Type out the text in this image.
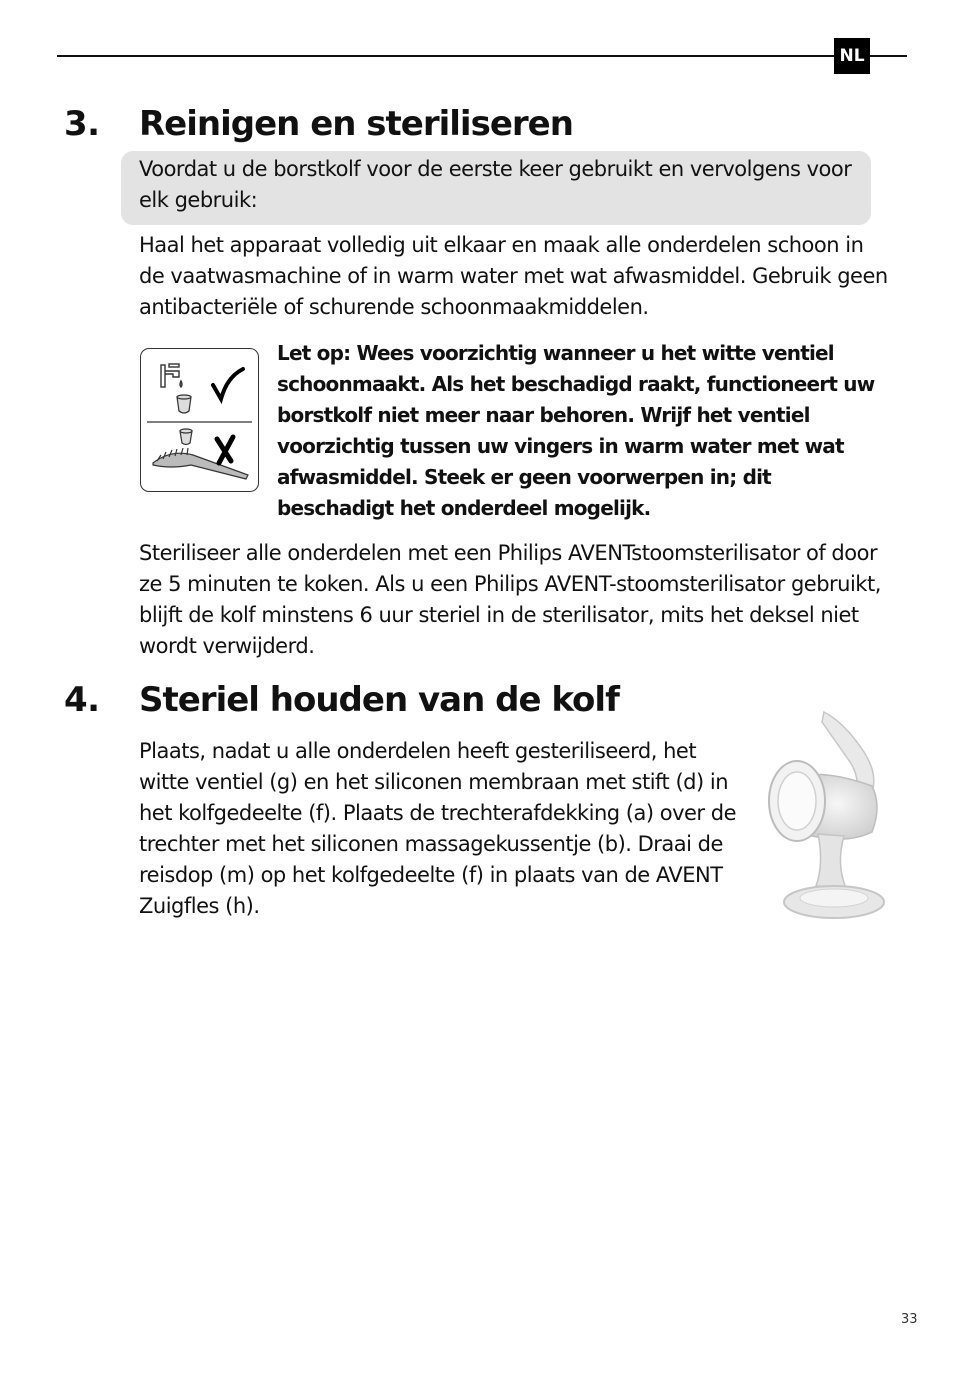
NL
3. Reinigen en steriliseren
Voordat u de borstkolf voor de eerste keer gebruikt en vervolgens voor elk gebruik:
Haal het apparaat volledig uit elkaar en maak alle onderdelen schoon in de vaatwasmachine of in warm water met wat afwasmiddel. Gebruik geen antibacteriële of schurende schoonmaakmiddelen.
Let op: Wees voorzichtig wanneer u het witte ventiel schoonmaakt. Als het beschadigd raakt, functioneert uw borstkolf niet meer naar behoren. Wrijf het ventiel voorzichtig tussen uw vingers in warm water met wat afwasmiddel. Steek er geen voorwerpen in; dit beschadigt het onderdeel mogelijk.
Steriliseer alle onderdelen met een Philips AVENTstoomsterilisator of door ze 5 minuten te koken. Als u een Philips AVENT-stoomsterilisator gebruikt, blijft de kolf minstens 6 uur steriel in de sterilisator, mits het deksel niet wordt verwijderd.
4. Steriel houden van de kolf
Plaats, nadat u alle onderdelen heeft gesteriliseerd, het witte ventiel (g) en het siliconen membraan met stift (d) in het kolfgedeelte (f). Plaats de trechterafdekking (a) over de trechter met het siliconen massagekussentje (b). Draai de reisdop (m) op het kolfgedeelte (f) in plaats van de AVENT Zuigfles (h).
33
